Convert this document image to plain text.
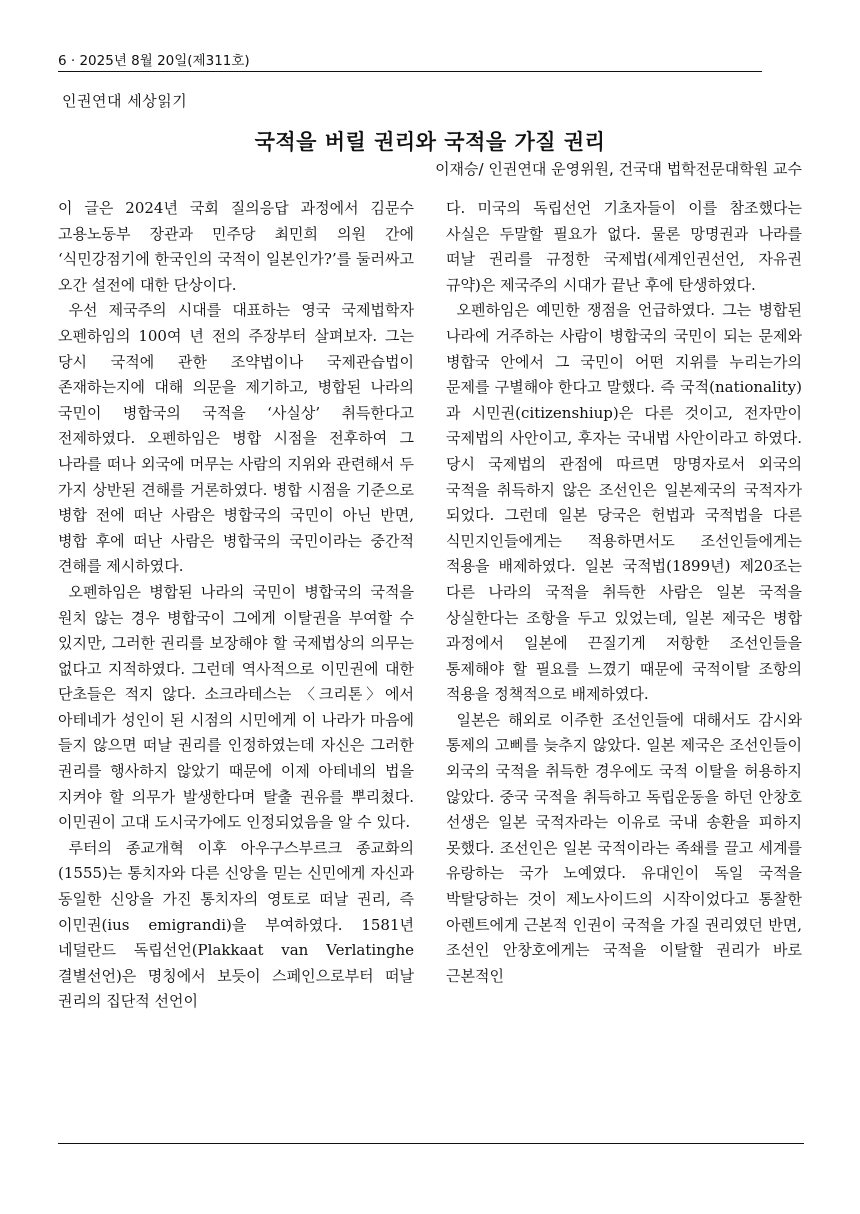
6 · 2025년 8월 20일(제311호)
인권연대 세상읽기
국적을 버릴 권리와 국적을 가질 권리
이재승/ 인권연대 운영위원, 건국대 법학전문대학원 교수

이 글은 2024년 국회 질의응답 과정에서 김문수 고용노동부 장관과 민주당 최민희 의원 간에 ‘식민강점기에 한국인의 국적이 일본인가?’를 둘러싸고 오간 설전에 대한 단상이다.

우선 제국주의 시대를 대표하는 영국 국제법학자 오펜하임의 100여 년 전의 주장부터 살펴보자. 그는 당시 국적에 관한 조약법이나 국제관습법이 존재하는지에 대해 의문을 제기하고, 병합된 나라의 국민이 병합국의 국적을 ‘사실상’ 취득한다고 전제하였다. 오펜하임은 병합 시점을 전후하여 그 나라를 떠나 외국에 머무는 사람의 지위와 관련해서 두 가지 상반된 견해를 거론하였다. 병합 시점을 기준으로 병합 전에 떠난 사람은 병합국의 국민이 아닌 반면, 병합 후에 떠난 사람은 병합국의 국민이라는 중간적 견해를 제시하였다.

오펜하임은 병합된 나라의 국민이 병합국의 국적을 원치 않는 경우 병합국이 그에게 이탈권을 부여할 수 있지만, 그러한 권리를 보장해야 할 국제법상의 의무는 없다고 지적하였다. 그런데 역사적으로 이민권에 대한 단초들은 적지 않다. 소크라테스는 〈크리톤〉에서 아테네가 성인이 된 시점의 시민에게 이 나라가 마음에 들지 않으면 떠날 권리를 인정하였는데 자신은 그러한 권리를 행사하지 않았기 때문에 이제 아테네의 법을 지켜야 할 의무가 발생한다며 탈출 권유를 뿌리쳤다. 이민권이 고대 도시국가에도 인정되었음을 알 수 있다.

루터의 종교개혁 이후 아우구스부르크 종교화의(1555)는 통치자와 다른 신앙을 믿는 신민에게 자신과 동일한 신앙을 가진 통치자의 영토로 떠날 권리, 즉 이민권(ius emigrandi)을 부여하였다. 1581년 네덜란드 독립선언(Plakkaat van Verlatinghe 결별선언)은 명칭에서 보듯이 스페인으로부터 떠날 권리의 집단적 선언이

다. 미국의 독립선언 기초자들이 이를 참조했다는 사실은 두말할 필요가 없다. 물론 망명권과 나라를 떠날 권리를 규정한 국제법(세계인권선언, 자유권 규약)은 제국주의 시대가 끝난 후에 탄생하였다.

오펜하임은 예민한 쟁점을 언급하였다. 그는 병합된 나라에 거주하는 사람이 병합국의 국민이 되는 문제와 병합국 안에서 그 국민이 어떤 지위를 누리는가의 문제를 구별해야 한다고 말했다. 즉 국적(nationality)과 시민권(citizenshiup)은 다른 것이고, 전자만이 국제법의 사안이고, 후자는 국내법 사안이라고 하였다. 당시 국제법의 관점에 따르면 망명자로서 외국의 국적을 취득하지 않은 조선인은 일본제국의 국적자가 되었다. 그런데 일본 당국은 헌법과 국적법을 다른 식민지인들에게는 적용하면서도 조선인들에게는 적용을 배제하였다. 일본 국적법(1899년) 제20조는 다른 나라의 국적을 취득한 사람은 일본 국적을 상실한다는 조항을 두고 있었는데, 일본 제국은 병합 과정에서 일본에 끈질기게 저항한 조선인들을 통제해야 할 필요를 느꼈기 때문에 국적이탈 조항의 적용을 정책적으로 배제하였다.

일본은 해외로 이주한 조선인들에 대해서도 감시와 통제의 고삐를 늦추지 않았다. 일본 제국은 조선인들이 외국의 국적을 취득한 경우에도 국적 이탈을 허용하지 않았다. 중국 국적을 취득하고 독립운동을 하던 안창호 선생은 일본 국적자라는 이유로 국내 송환을 피하지 못했다. 조선인은 일본 국적이라는 족쇄를 끌고 세계를 유랑하는 국가 노예였다. 유대인이 독일 국적을 박탈당하는 것이 제노사이드의 시작이었다고 통찰한 아렌트에게 근본적 인권이 국적을 가질 권리였던 반면, 조선인 안창호에게는 국적을 이탈할 권리가 바로 근본적인
